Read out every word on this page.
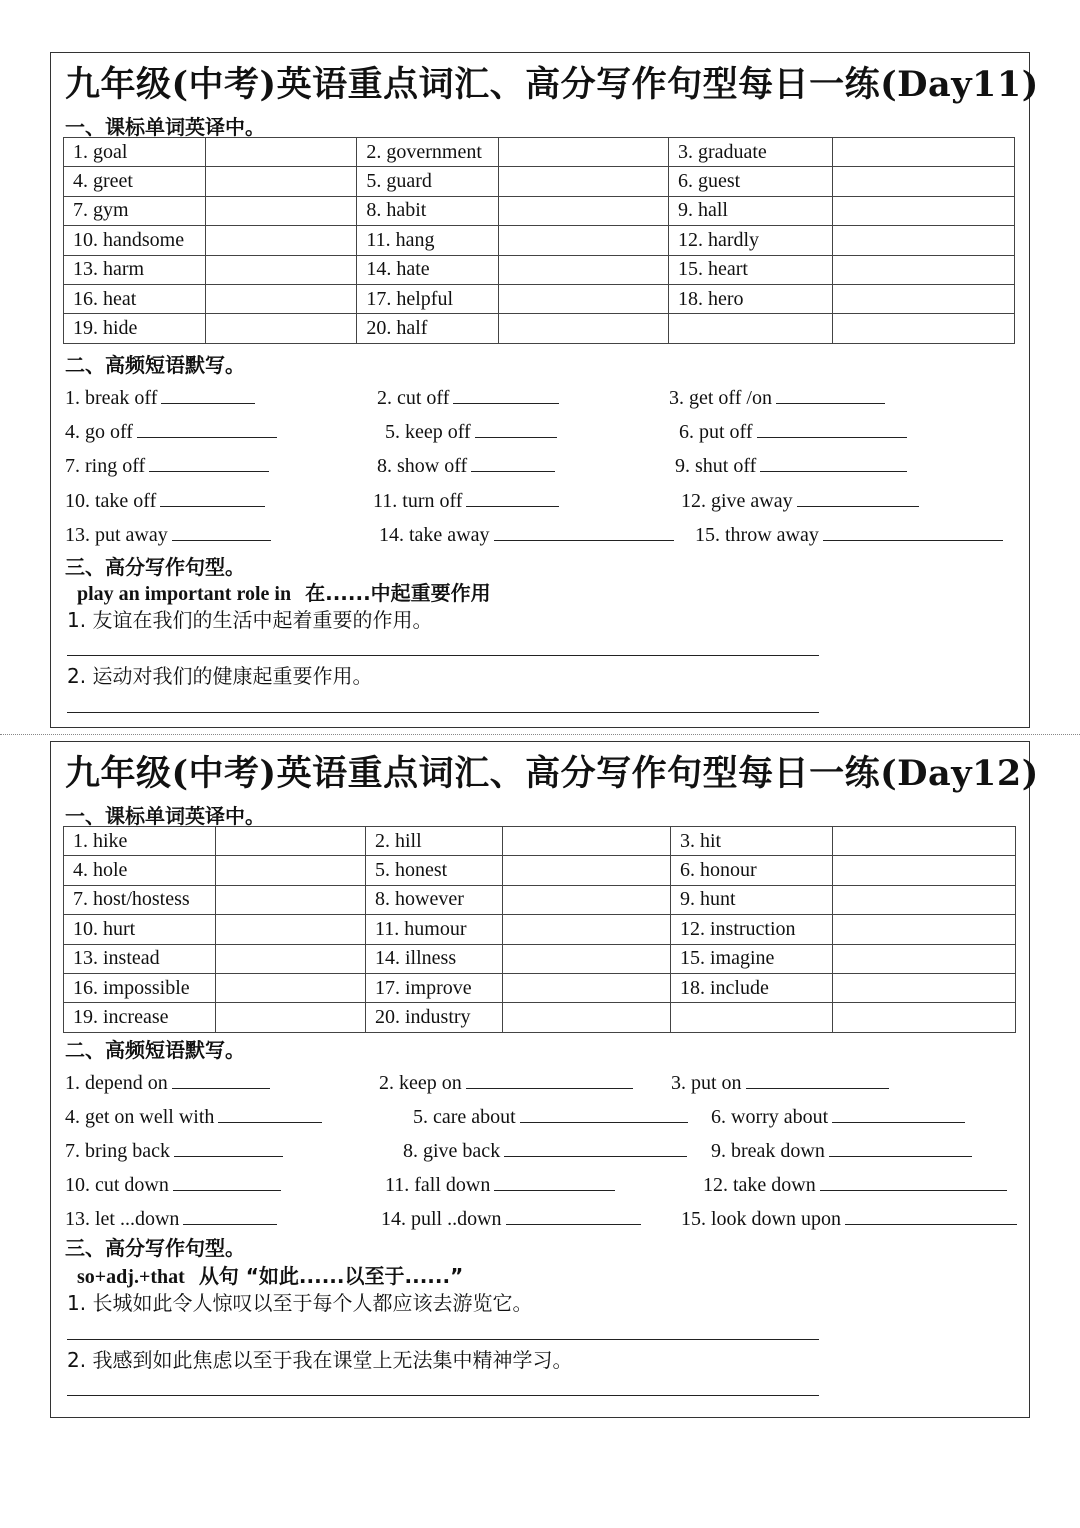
九年级(中考)英语重点词汇、高分写作句型每日一练(Day11)
一、课标单词英译中。
1. goal		2. government		3. graduate	
4. greet		5. guard		6. guest	
7. gym		8. habit		9. hall	
10. handsome		11. hang		12. hardly	
13. harm		14. hate		15. heart	
16. heat		17. helpful		18. hero	
19. hide		20. half			
二、高频短语默写。
1. break off	2. cut off	3. get off /on
4. go off	5. keep off	6. put off
7. ring off	8. show off	9. shut off
10. take off	11. turn off	12. give away
13. put away	14. take away	15. throw away
三、高分写作句型。
play an important role in 在......中起重要作用
1. 友谊在我们的生活中起着重要的作用。
2. 运动对我们的健康起重要作用。
九年级(中考)英语重点词汇、高分写作句型每日一练(Day12)
一、课标单词英译中。
1. hike		2. hill		3. hit	
4. hole		5. honest		6. honour	
7. host/hostess		8. however		9. hunt	
10. hurt		11. humour		12. instruction	
13. instead		14. illness		15. imagine	
16. impossible		17. improve		18. include	
19. increase		20. industry			
二、高频短语默写。
1. depend on	2. keep on	3. put on
4. get on well with	5. care about	6. worry about
7. bring back	8. give back	9. break down
10. cut down	11. fall down	12. take down
13. let ...down	14. pull ..down	15. look down upon
三、高分写作句型。
so+adj.+that 从句 “如此......以至于......”
1. 长城如此令人惊叹以至于每个人都应该去游览它。
2. 我感到如此焦虑以至于我在课堂上无法集中精神学习。
